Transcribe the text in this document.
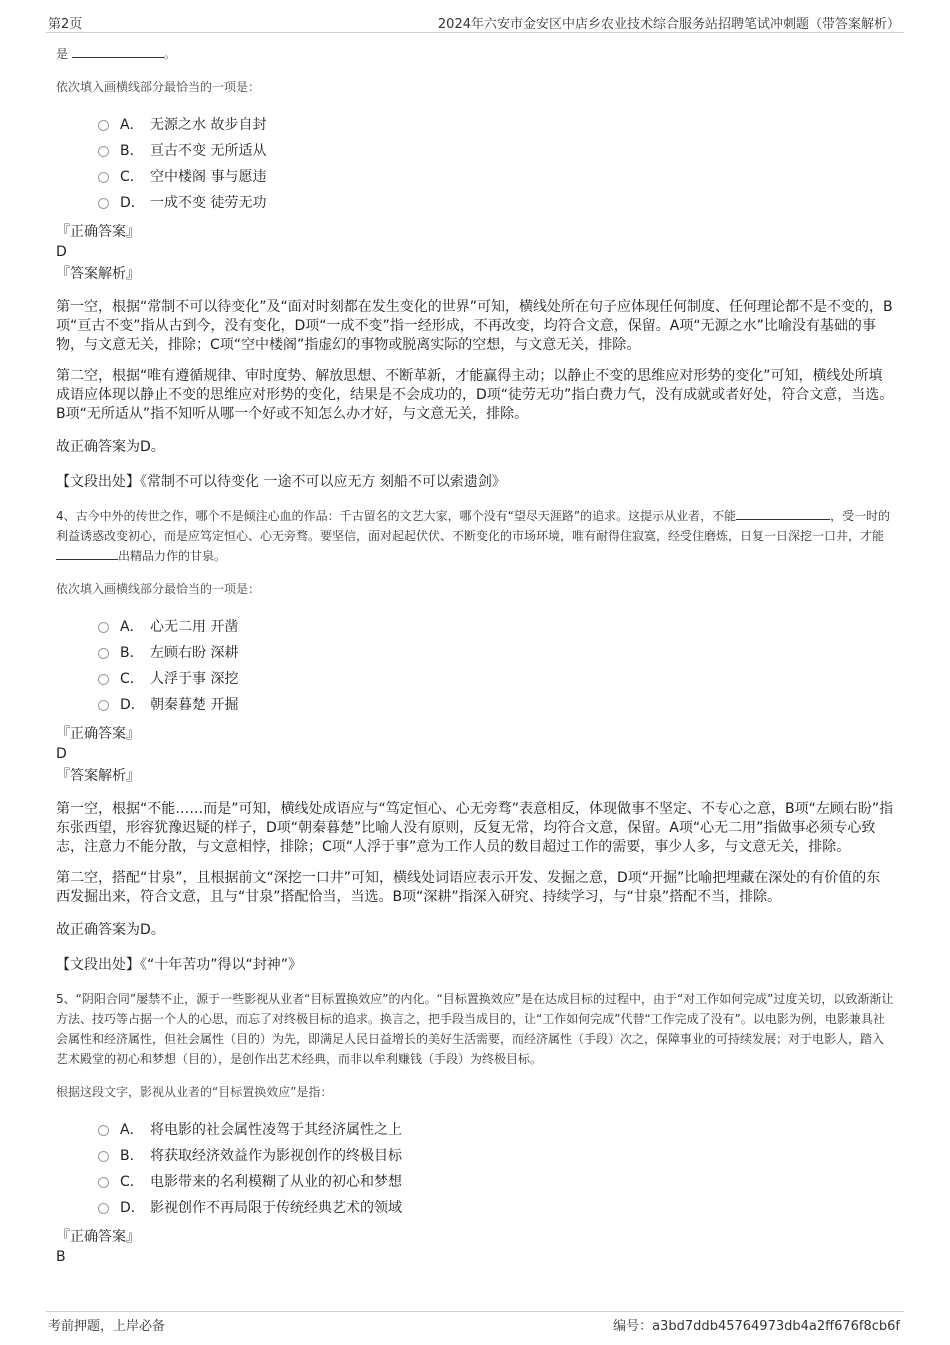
第2页	2024年六安市金安区中店乡农业技术综合服务站招聘笔试冲刺题（带答案解析）
是	。
依次填入画横线部分最恰当的一项是：
A． 无源之水 故步自封
B． 亘古不变 无所适从
C． 空中楼阁 事与愿违
D． 一成不变 徒劳无功
『正确答案』
D
『答案解析』
第一空，根据“常制不可以待变化”及“面对时刻都在发生变化的世界”可知，横线处所在句子应体现任何制度、任何理论都不是不变的，B项“亘古不变”指从古到今，没有变化，D项“一成不变”指一经形成，不再改变，均符合文意，保留。A项“无源之水”比喻没有基础的事物，与文意无关，排除；C项“空中楼阁”指虚幻的事物或脱离实际的空想，与文意无关，排除。
第二空，根据“唯有遵循规律、审时度势、解放思想、不断革新，才能赢得主动；以静止不变的思维应对形势的变化”可知，横线处所填成语应体现以静止不变的思维应对形势的变化，结果是不会成功的，D项“徒劳无功”指白费力气，没有成就或者好处，符合文意，当选。B项“无所适从”指不知听从哪一个好或不知怎么办才好，与文意无关，排除。
故正确答案为D。
【文段出处】《常制不可以待变化 一途不可以应无方 刻船不可以索遗剑》
4、古今中外的传世之作，哪个不是倾注心血的作品：千古留名的文艺大家，哪个没有“望尽天涯路”的追求。这提示从业者，不能	，受一时的利益诱惑改变初心，而是应笃定恒心、心无旁骛。要坚信，面对起起伏伏、不断变化的市场环境，唯有耐得住寂寞，经受住磨炼，日复一日深挖一口井，才能出精品力作的甘泉。
依次填入画横线部分最恰当的一项是：
A． 心无二用 开凿
B． 左顾右盼 深耕
C． 人浮于事 深挖
D． 朝秦暮楚 开掘
『正确答案』
D
『答案解析』
第一空，根据“不能……而是”可知，横线处成语应与“笃定恒心、心无旁骛”表意相反，体现做事不坚定、不专心之意，B项“左顾右盼”指东张西望，形容犹豫迟疑的样子，D项“朝秦暮楚”比喻人没有原则，反复无常，均符合文意，保留。A项“心无二用”指做事必须专心致志，注意力不能分散，与文意相悖，排除；C项“人浮于事”意为工作人员的数目超过工作的需要，事少人多，与文意无关，排除。
第二空，搭配“甘泉”，且根据前文“深挖一口井”可知，横线处词语应表示开发、发掘之意，D项“开掘”比喻把埋藏在深处的有价值的东西发掘出来，符合文意，且与“甘泉”搭配恰当，当选。B项“深耕”指深入研究、持续学习，与“甘泉”搭配不当，排除。
故正确答案为D。
【文段出处】《“十年苦功”得以“封神”》
5、“阴阳合同”屡禁不止，源于一些影视从业者“目标置换效应”的内化。“目标置换效应”是在达成目标的过程中，由于“对工作如何完成”过度关切，以致渐渐让方法、技巧等占据一个人的心思，而忘了对终极目标的追求。换言之，把手段当成目的，让“工作如何完成”代替“工作完成了没有”。以电影为例，电影兼具社会属性和经济属性，但社会属性（目的）为先，即满足人民日益增长的美好生活需要，而经济属性（手段）次之，保障事业的可持续发展；对于电影人，踏入艺术殿堂的初心和梦想（目的），是创作出艺术经典，而非以牟利赚钱（手段）为终极目标。
根据这段文字，影视从业者的“目标置换效应”是指：
A． 将电影的社会属性凌驾于其经济属性之上
B． 将获取经济效益作为影视创作的终极目标
C． 电影带来的名利模糊了从业的初心和梦想
D． 影视创作不再局限于传统经典艺术的领域
『正确答案』
B
考前押题，上岸必备	编号：a3bd7ddb45764973db4a2ff676f8cb6f
